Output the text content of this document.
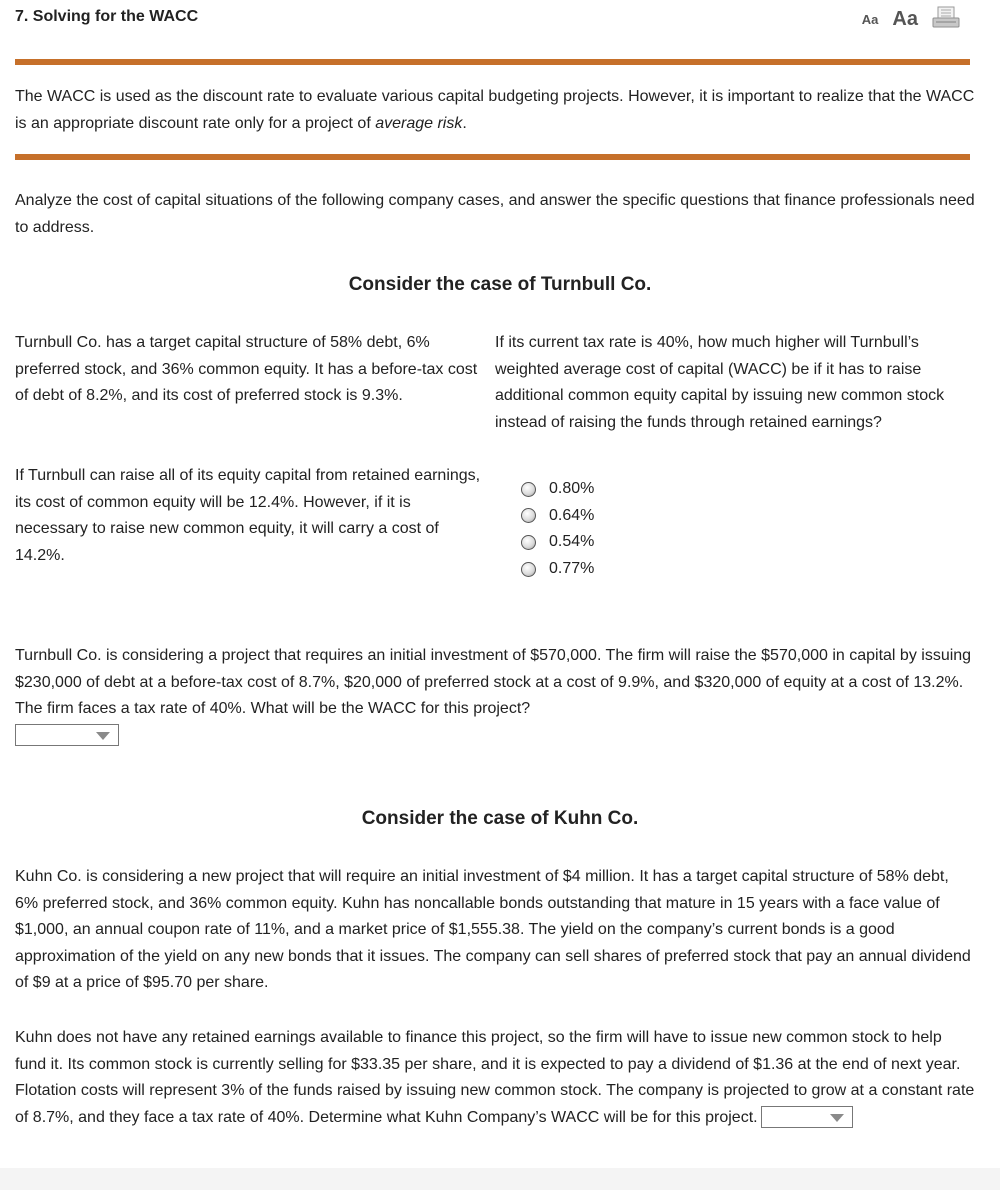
7. Solving for the WACC	Aa Aa
The WACC is used as the discount rate to evaluate various capital budgeting projects. However, it is important to realize that the WACC is an appropriate discount rate only for a project of average risk.
Analyze the cost of capital situations of the following company cases, and answer the specific questions that finance professionals need to address.
Consider the case of Turnbull Co.
Turnbull Co. has a target capital structure of 58% debt, 6% preferred stock, and 36% common equity. It has a before-tax cost of debt of 8.2%, and its cost of preferred stock is 9.3%.
If Turnbull can raise all of its equity capital from retained earnings, its cost of common equity will be 12.4%. However, if it is necessary to raise new common equity, it will carry a cost of 14.2%.
If its current tax rate is 40%, how much higher will Turnbull’s weighted average cost of capital (WACC) be if it has to raise additional common equity capital by issuing new common stock instead of raising the funds through retained earnings?
0.80%
0.64%
0.54%
0.77%
Turnbull Co. is considering a project that requires an initial investment of $570,000. The firm will raise the $570,000 in capital by issuing $230,000 of debt at a before-tax cost of 8.7%, $20,000 of preferred stock at a cost of 9.9%, and $320,000 of equity at a cost of 13.2%. The firm faces a tax rate of 40%. What will be the WACC for this project?
Consider the case of Kuhn Co.
Kuhn Co. is considering a new project that will require an initial investment of $4 million. It has a target capital structure of 58% debt, 6% preferred stock, and 36% common equity. Kuhn has noncallable bonds outstanding that mature in 15 years with a face value of $1,000, an annual coupon rate of 11%, and a market price of $1,555.38. The yield on the company’s current bonds is a good approximation of the yield on any new bonds that it issues. The company can sell shares of preferred stock that pay an annual dividend of $9 at a price of $95.70 per share.
Kuhn does not have any retained earnings available to finance this project, so the firm will have to issue new common stock to help fund it. Its common stock is currently selling for $33.35 per share, and it is expected to pay a dividend of $1.36 at the end of next year. Flotation costs will represent 3% of the funds raised by issuing new common stock. The company is projected to grow at a constant rate of 8.7%, and they face a tax rate of 40%. Determine what Kuhn Company’s WACC will be for this project.
